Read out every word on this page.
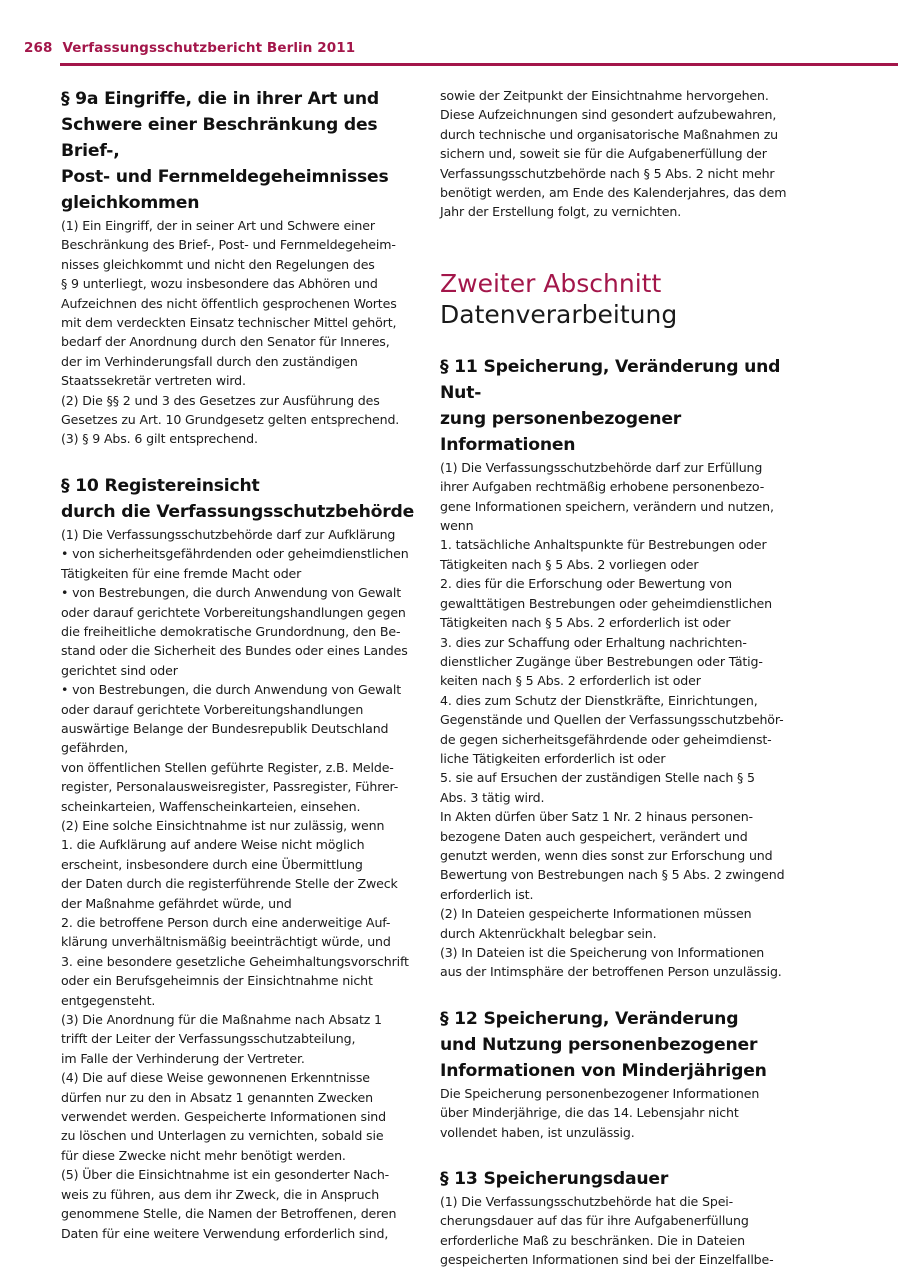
268 Verfassungsschutzbericht Berlin 2011
§ 9a Eingriffe, die in ihrer Art und
Schwere einer Beschränkung des Brief-,
Post- und Fernmeldegeheimnisses
gleichkommen
(1) Ein Eingriff, der in seiner Art und Schwere einer
Beschränkung des Brief-, Post- und Fernmeldegeheim-
nisses gleichkommt und nicht den Regelungen des
§ 9 unterliegt, wozu insbesondere das Abhören und
Aufzeichnen des nicht öffentlich gesprochenen Wortes
mit dem verdeckten Einsatz technischer Mittel gehört,
bedarf der Anordnung durch den Senator für Inneres,
der im Verhinderungsfall durch den zuständigen
Staatssekretär vertreten wird.
(2) Die §§ 2 und 3 des Gesetzes zur Ausführung des
Gesetzes zu Art. 10 Grundgesetz gelten entsprechend.
(3) § 9 Abs. 6 gilt entsprechend.
§ 10 Registereinsicht
durch die Verfassungsschutzbehörde
(1) Die Verfassungsschutzbehörde darf zur Aufklärung
• von sicherheitsgefährdenden oder geheimdienstlichen
Tätigkeiten für eine fremde Macht oder
• von Bestrebungen, die durch Anwendung von Gewalt
oder darauf gerichtete Vorbereitungshandlungen gegen
die freiheitliche demokratische Grundordnung, den Be-
stand oder die Sicherheit des Bundes oder eines Landes
gerichtet sind oder
• von Bestrebungen, die durch Anwendung von Gewalt
oder darauf gerichtete Vorbereitungshandlungen
auswärtige Belange der Bundesrepublik Deutschland
gefährden,
von öffentlichen Stellen geführte Register, z.B. Melde-
register, Personalausweisregister, Passregister, Führer-
scheinkarteien, Waffenscheinkarteien, einsehen.
(2) Eine solche Einsichtnahme ist nur zulässig, wenn
1. die Aufklärung auf andere Weise nicht möglich
erscheint, insbesondere durch eine Übermittlung
der Daten durch die registerführende Stelle der Zweck
der Maßnahme gefährdet würde, und
2. die betroffene Person durch eine anderweitige Auf-
klärung unverhältnismäßig beeinträchtigt würde, und
3. eine besondere gesetzliche Geheimhaltungsvorschrift
oder ein Berufsgeheimnis der Einsichtnahme nicht
entgegensteht.
(3) Die Anordnung für die Maßnahme nach Absatz 1
trifft der Leiter der Verfassungsschutzabteilung,
im Falle der Verhinderung der Vertreter.
(4) Die auf diese Weise gewonnenen Erkenntnisse
dürfen nur zu den in Absatz 1 genannten Zwecken
verwendet werden. Gespeicherte Informationen sind
zu löschen und Unterlagen zu vernichten, sobald sie
für diese Zwecke nicht mehr benötigt werden.
(5) Über die Einsichtnahme ist ein gesonderter Nach-
weis zu führen, aus dem ihr Zweck, die in Anspruch
genommene Stelle, die Namen der Betroffenen, deren
Daten für eine weitere Verwendung erforderlich sind,
sowie der Zeitpunkt der Einsichtnahme hervorgehen.
Diese Aufzeichnungen sind gesondert aufzubewahren,
durch technische und organisatorische Maßnahmen zu
sichern und, soweit sie für die Aufgabenerfüllung der
Verfassungsschutzbehörde nach § 5 Abs. 2 nicht mehr
benötigt werden, am Ende des Kalenderjahres, das dem
Jahr der Erstellung folgt, zu vernichten.
Zweiter Abschnitt
Datenverarbeitung
§ 11 Speicherung, Veränderung und Nut-
zung personenbezogener Informationen
(1) Die Verfassungsschutzbehörde darf zur Erfüllung
ihrer Aufgaben rechtmäßig erhobene personenbezo-
gene Informationen speichern, verändern und nutzen,
wenn
1. tatsächliche Anhaltspunkte für Bestrebungen oder
Tätigkeiten nach § 5 Abs. 2 vorliegen oder
2. dies für die Erforschung oder Bewertung von
gewalttätigen Bestrebungen oder geheimdienstlichen
Tätigkeiten nach § 5 Abs. 2 erforderlich ist oder
3. dies zur Schaffung oder Erhaltung nachrichten-
dienstlicher Zugänge über Bestrebungen oder Tätig-
keiten nach § 5 Abs. 2 erforderlich ist oder
4. dies zum Schutz der Dienstkräfte, Einrichtungen,
Gegenstände und Quellen der Verfassungsschutzbehör-
de gegen sicherheitsgefährdende oder geheimdienst-
liche Tätigkeiten erforderlich ist oder
5. sie auf Ersuchen der zuständigen Stelle nach § 5
Abs. 3 tätig wird.
In Akten dürfen über Satz 1 Nr. 2 hinaus personen-
bezogene Daten auch gespeichert, verändert und
genutzt werden, wenn dies sonst zur Erforschung und
Bewertung von Bestrebungen nach § 5 Abs. 2 zwingend
erforderlich ist.
(2) In Dateien gespeicherte Informationen müssen
durch Aktenrückhalt belegbar sein.
(3) In Dateien ist die Speicherung von Informationen
aus der Intimsphäre der betroffenen Person unzulässig.
§ 12 Speicherung, Veränderung
und Nutzung personenbezogener
Informationen von Minderjährigen
Die Speicherung personenbezogener Informationen
über Minderjährige, die das 14. Lebensjahr nicht
vollendet haben, ist unzulässig.
§ 13 Speicherungsdauer
(1) Die Verfassungsschutzbehörde hat die Spei-
cherungsdauer auf das für ihre Aufgabenerfüllung
erforderliche Maß zu beschränken. Die in Dateien
gespeicherten Informationen sind bei der Einzelfallbe-
